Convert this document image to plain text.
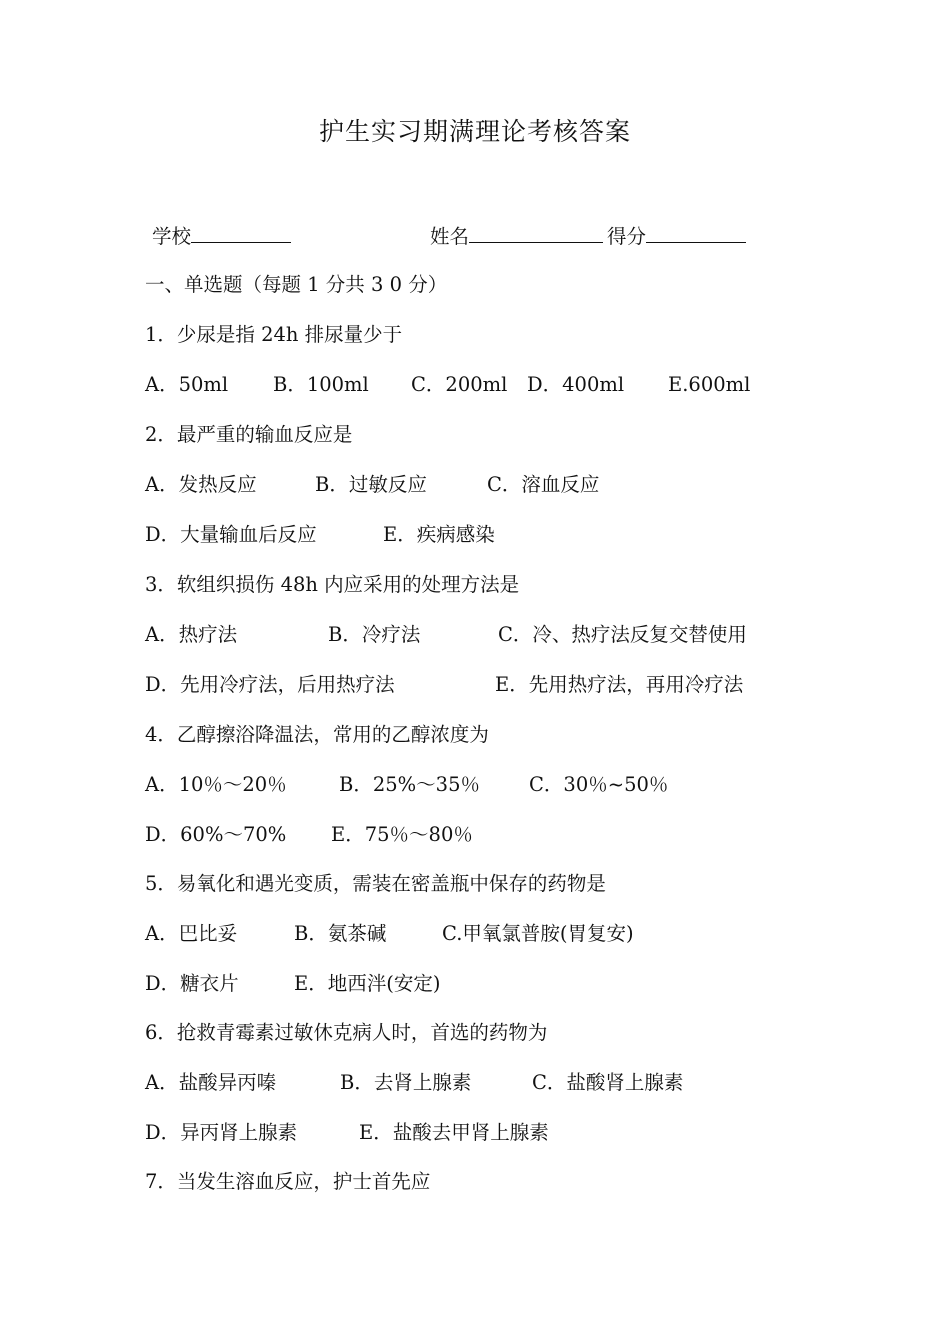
护生实习期满理论考核答案
学校	姓名	得分
一、单选题（每题 1 分共 3 0 分）
1．少尿是指 24h 排尿量少于
A．50ml B．100ml C．200ml D．400ml E.600ml
2．最严重的输血反应是
A．发热反应	B．过敏反应	C．溶血反应
D．大量输血后反应	E．疾病感染
3．软组织损伤 48h 内应采用的处理方法是
A．热疗法	B．冷疗法	C．冷、热疗法反复交替使用
D．先用冷疗法，后用热疗法	E．先用热疗法，再用冷疗法
4．乙醇擦浴降温法，常用的乙醇浓度为
A．10％～20％	B．25%～35％	C．30％~50％
D．60%～70% E．75％～80％
5．易氧化和遇光变质，需装在密盖瓶中保存的药物是
A．巴比妥	B．氨茶碱	C.甲氧氯普胺(胃复安)
D．糖衣片	E．地西泮(安定)
6．抢救青霉素过敏休克病人时，首选的药物为
A．盐酸异丙嗪	B．去肾上腺素	C．盐酸肾上腺素
D．异丙肾上腺素	E．盐酸去甲肾上腺素
7．当发生溶血反应，护士首先应
